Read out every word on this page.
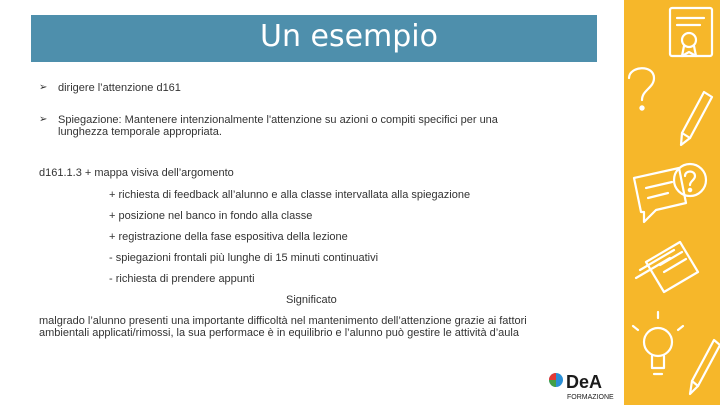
Un esempio
➢ dirigere l’attenzione d161
➢ Spiegazione: Mantenere intenzionalmente l'attenzione su azioni o compiti specifici per una
lunghezza temporale appropriata.
d161.1.3 + mappa visiva dell’argomento
+ richiesta di feedback all’alunno e alla classe intervallata alla spiegazione
+ posizione nel banco in fondo alla classe
+ registrazione della fase espositiva della lezione
- spiegazioni frontali più lunghe di 15 minuti continuativi
- richiesta di prendere appunti
Significato
malgrado l’alunno presenti una importante difficoltà nel mantenimento dell’attenzione grazie ai fattori
ambientali applicati/rimossi, la sua performace è in equilibrio e l’alunno può gestire le attività d’aula
DeA
FORMAZIONE
